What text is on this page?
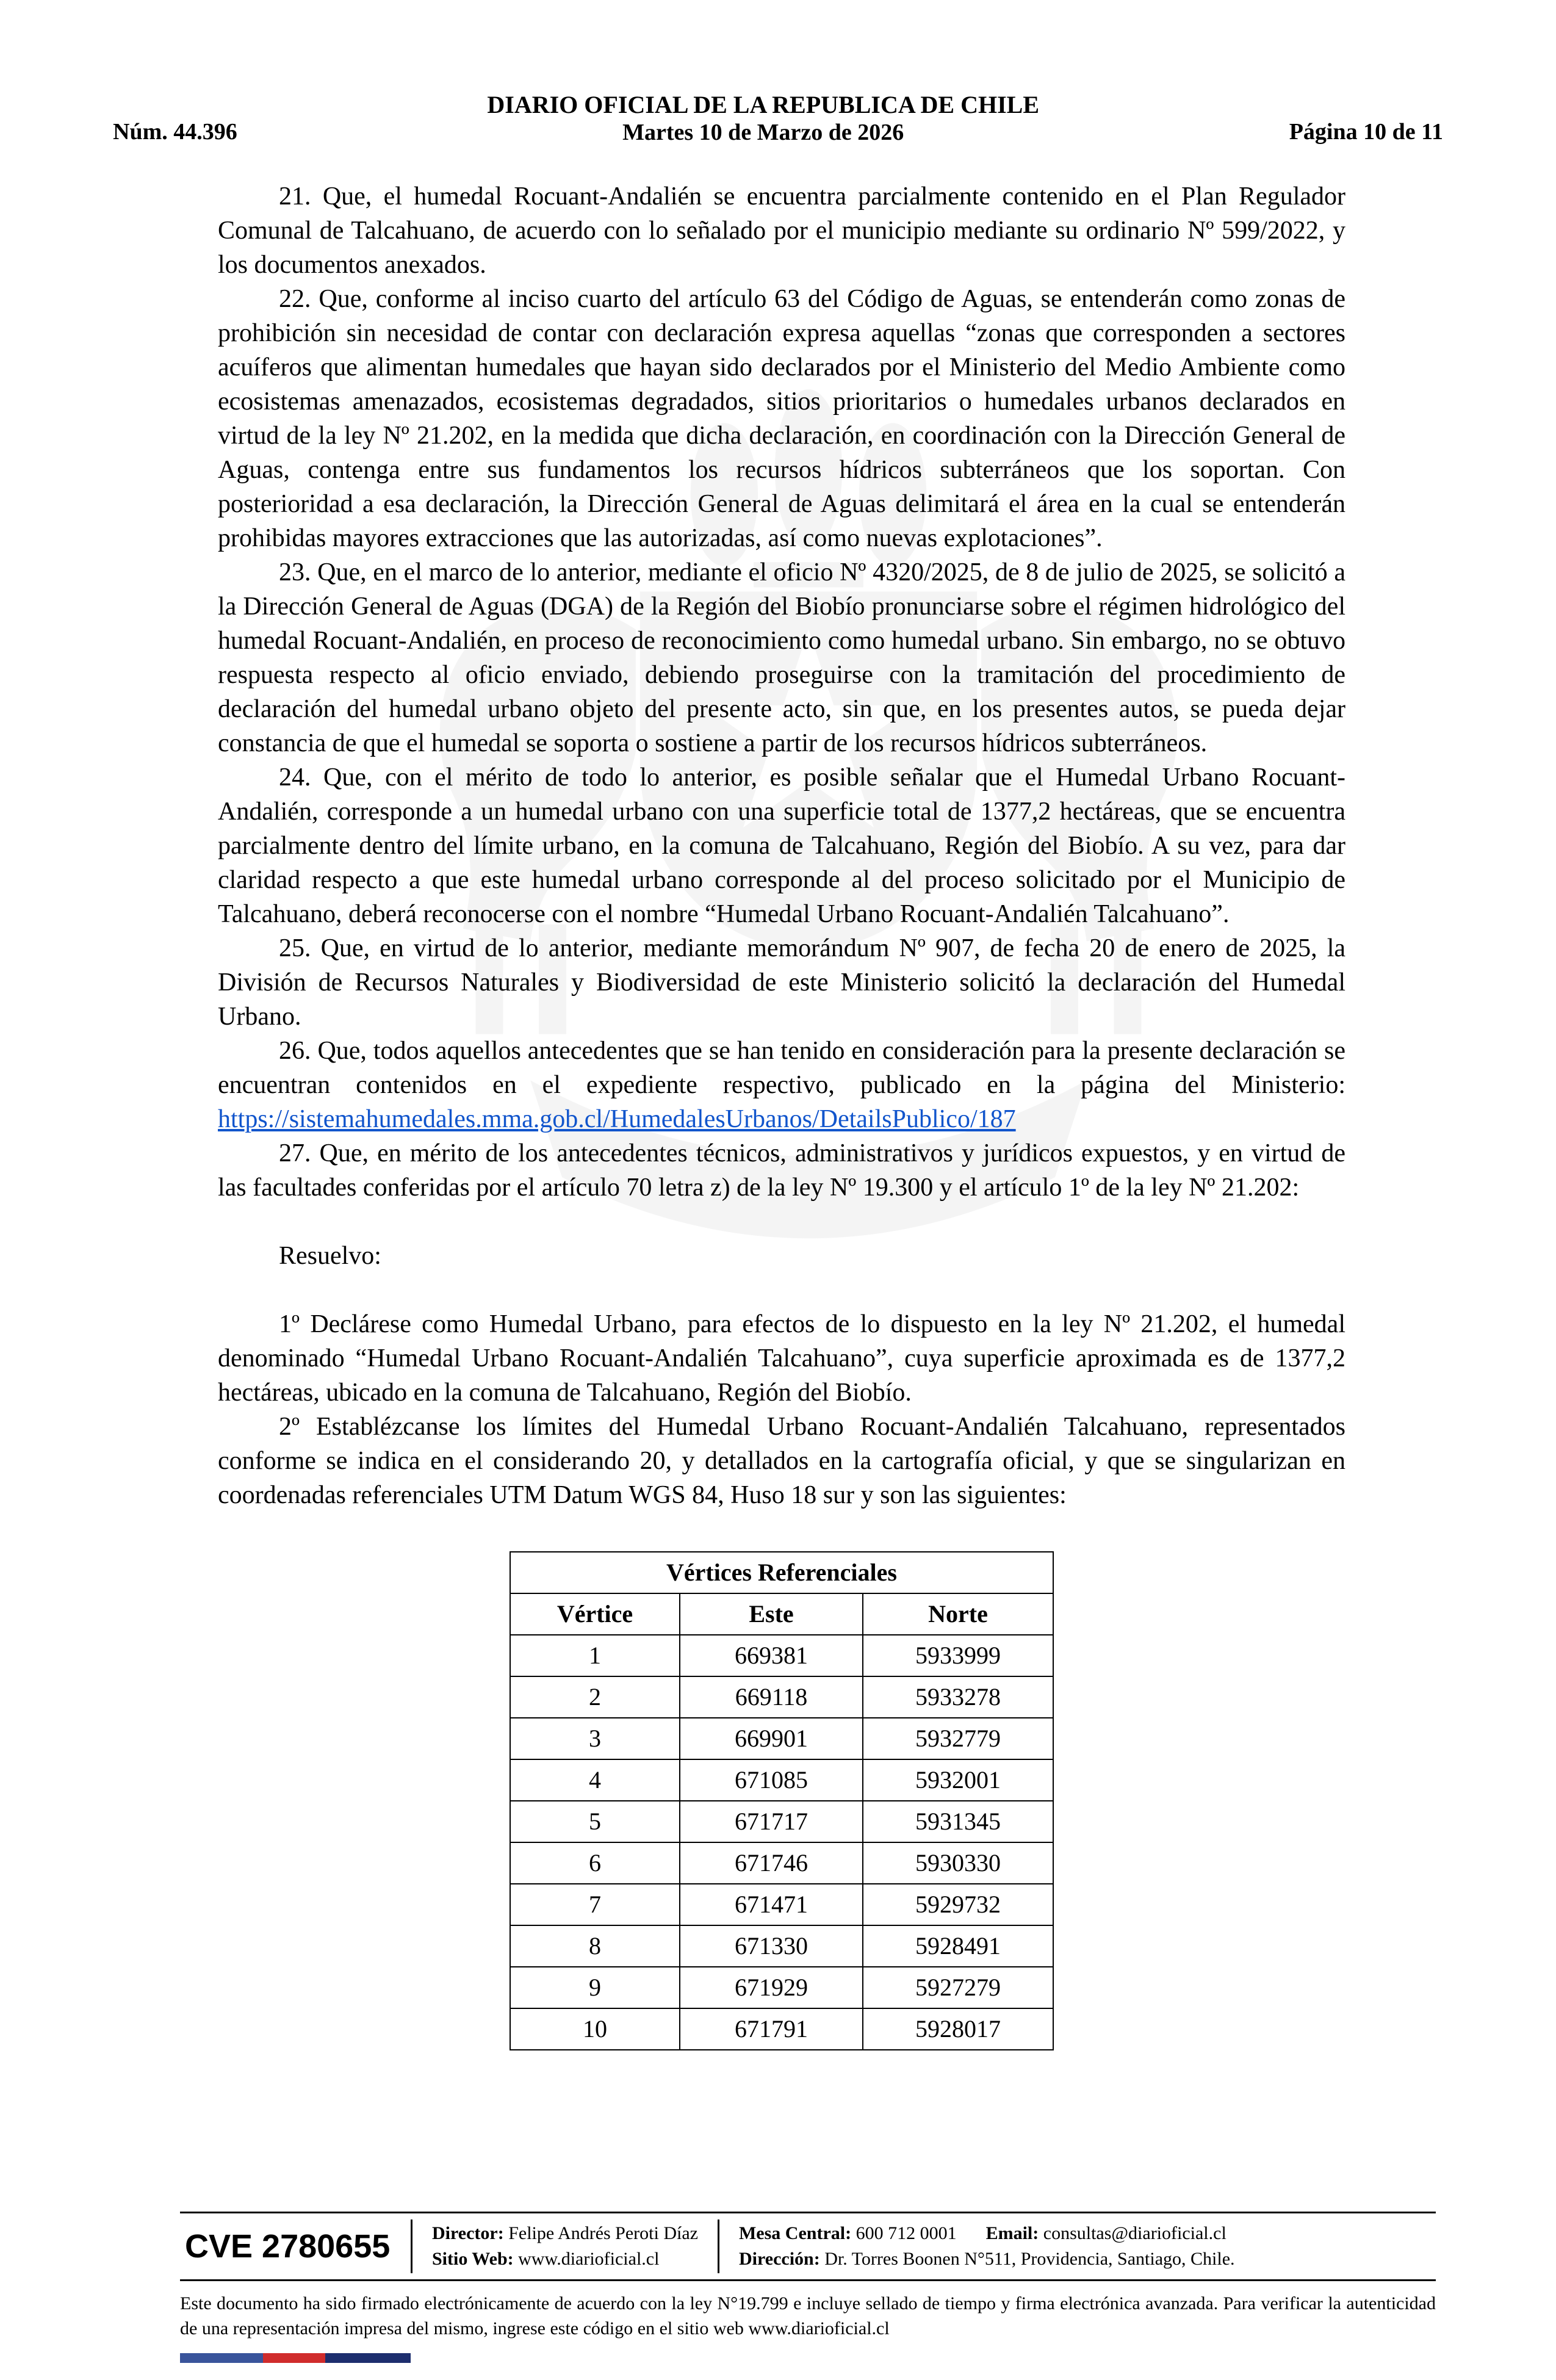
Núm. 44.396
DIARIO OFICIAL DE LA REPUBLICA DE CHILE
Martes 10 de Marzo de 2026	Página 10 de 11

21. Que, el humedal Rocuant-Andalién se encuentra parcialmente contenido en el Plan Regulador Comunal de Talcahuano, de acuerdo con lo señalado por el municipio mediante su ordinario Nº 599/2022, y los documentos anexados.

22. Que, conforme al inciso cuarto del artículo 63 del Código de Aguas, se entenderán como zonas de prohibición sin necesidad de contar con declaración expresa aquellas “zonas que corresponden a sectores acuíferos que alimentan humedales que hayan sido declarados por el Ministerio del Medio Ambiente como ecosistemas amenazados, ecosistemas degradados, sitios prioritarios o humedales urbanos declarados en virtud de la ley Nº 21.202, en la medida que dicha declaración, en coordinación con la Dirección General de Aguas, contenga entre sus fundamentos los recursos hídricos subterráneos que los soportan. Con posterioridad a esa declaración, la Dirección General de Aguas delimitará el área en la cual se entenderán prohibidas mayores extracciones que las autorizadas, así como nuevas explotaciones”.

23. Que, en el marco de lo anterior, mediante el oficio Nº 4320/2025, de 8 de julio de 2025, se solicitó a la Dirección General de Aguas (DGA) de la Región del Biobío pronunciarse sobre el régimen hidrológico del humedal Rocuant-Andalién, en proceso de reconocimiento como humedal urbano. Sin embargo, no se obtuvo respuesta respecto al oficio enviado, debiendo proseguirse con la tramitación del procedimiento de declaración del humedal urbano objeto del presente acto, sin que, en los presentes autos, se pueda dejar constancia de que el humedal se soporta o sostiene a partir de los recursos hídricos subterráneos.

24. Que, con el mérito de todo lo anterior, es posible señalar que el Humedal Urbano Rocuant-Andalién, corresponde a un humedal urbano con una superficie total de 1377,2 hectáreas, que se encuentra parcialmente dentro del límite urbano, en la comuna de Talcahuano, Región del Biobío. A su vez, para dar claridad respecto a que este humedal urbano corresponde al del proceso solicitado por el Municipio de Talcahuano, deberá reconocerse con el nombre “Humedal Urbano Rocuant-Andalién Talcahuano”.

25. Que, en virtud de lo anterior, mediante memorándum Nº 907, de fecha 20 de enero de 2025, la División de Recursos Naturales y Biodiversidad de este Ministerio solicitó la declaración del Humedal Urbano.

26. Que, todos aquellos antecedentes que se han tenido en consideración para la presente declaración se encuentran contenidos en el expediente respectivo, publicado en la página del Ministerio: https://sistemahumedales.mma.gob.cl/HumedalesUrbanos/DetailsPublico/187

27. Que, en mérito de los antecedentes técnicos, administrativos y jurídicos expuestos, y en virtud de las facultades conferidas por el artículo 70 letra z) de la ley Nº 19.300 y el artículo 1º de la ley Nº 21.202:

Resuelvo:

1º Declárese como Humedal Urbano, para efectos de lo dispuesto en la ley Nº 21.202, el humedal denominado “Humedal Urbano Rocuant-Andalién Talcahuano”, cuya superficie aproximada es de 1377,2 hectáreas, ubicado en la comuna de Talcahuano, Región del Biobío.

2º Establézcanse los límites del Humedal Urbano Rocuant-Andalién Talcahuano, representados conforme se indica en el considerando 20, y detallados en la cartografía oficial, y que se singularizan en coordenadas referenciales UTM Datum WGS 84, Huso 18 sur y son las siguientes:

Vértices Referenciales		
Vértice	Este	Norte
1	669381	5933999
2	669118	5933278
3	669901	5932779
4	671085	5932001
5	671717	5931345
6	671746	5930330
7	671471	5929732
8	671330	5928491
9	671929	5927279
10	671791	5928017
CVE 2780655	Director: Felipe Andrés Peroti Díaz
Sitio Web: www.diarioficial.cl
Mesa Central: 600 712 0001 Email: consultas@diarioficial.cl
Dirección: Dr. Torres Boonen N°511, Providencia, Santiago, Chile.

Este documento ha sido firmado electrónicamente de acuerdo con la ley N°19.799 e incluye sellado de tiempo y firma electrónica avanzada. Para verificar la autenticidad de una representación impresa del mismo, ingrese este código en el sitio web www.diarioficial.cl
